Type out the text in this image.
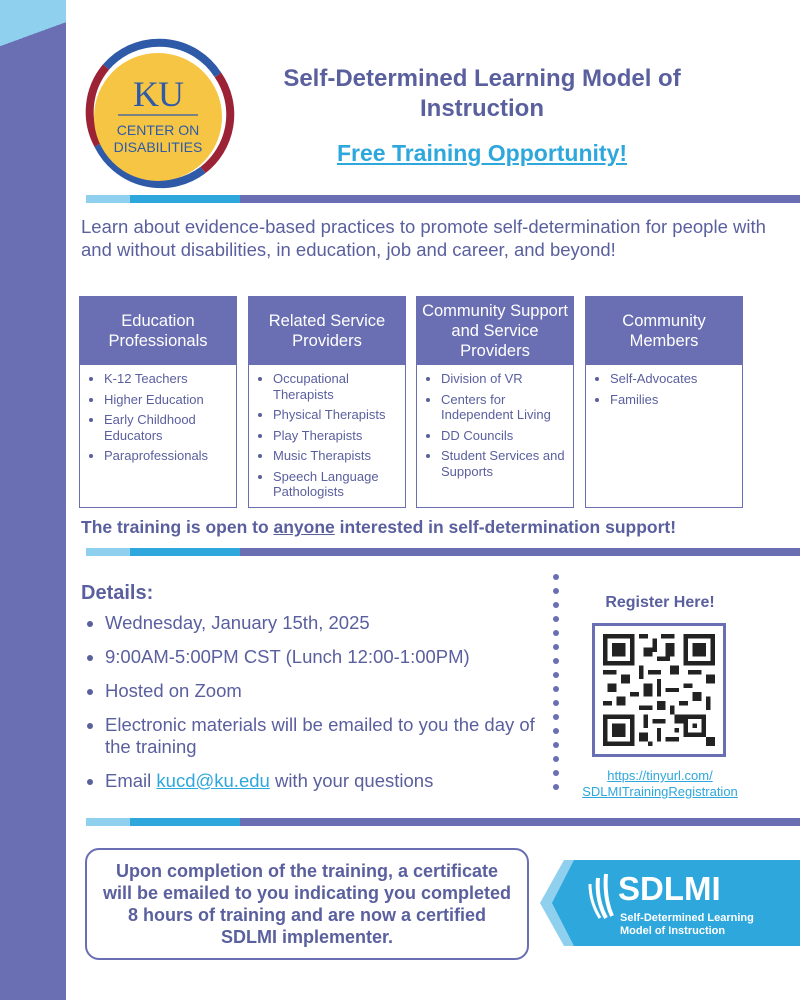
KU
CENTER ON DISABILITIES
Self-Determined Learning Model of Instruction
Free Training Opportunity!
Learn about evidence-based practices to promote self-determination for people with and without disabilities, in education, job and career, and beyond!
Education Professionals
• K-12 Teachers
• Higher Education
• Early Childhood Educators
• Paraprofessionals
Related Service Providers
• Occupational Therapists
• Physical Therapists
• Play Therapists
• Music Therapists
• Speech Language Pathologists
Community Support and Service Providers
• Division of VR
• Centers for Independent Living
• DD Councils
• Student Services and Supports
Community Members
• Self-Advocates
• Families
The training is open to anyone interested in self-determination support!
Details:
• Wednesday, January 15th, 2025
• 9:00AM-5:00PM CST (Lunch 12:00-1:00PM)
• Hosted on Zoom
• Electronic materials will be emailed to you the day of the training
• Email kucd@ku.edu with your questions
Register Here!
https://tinyurl.com/
SDLMITrainingRegistration
Upon completion of the training, a certificate will be emailed to you indicating you completed 8 hours of training and are now a certified SDLMI implementer.
SDLMI
Self-Determined Learning
Model of Instruction
